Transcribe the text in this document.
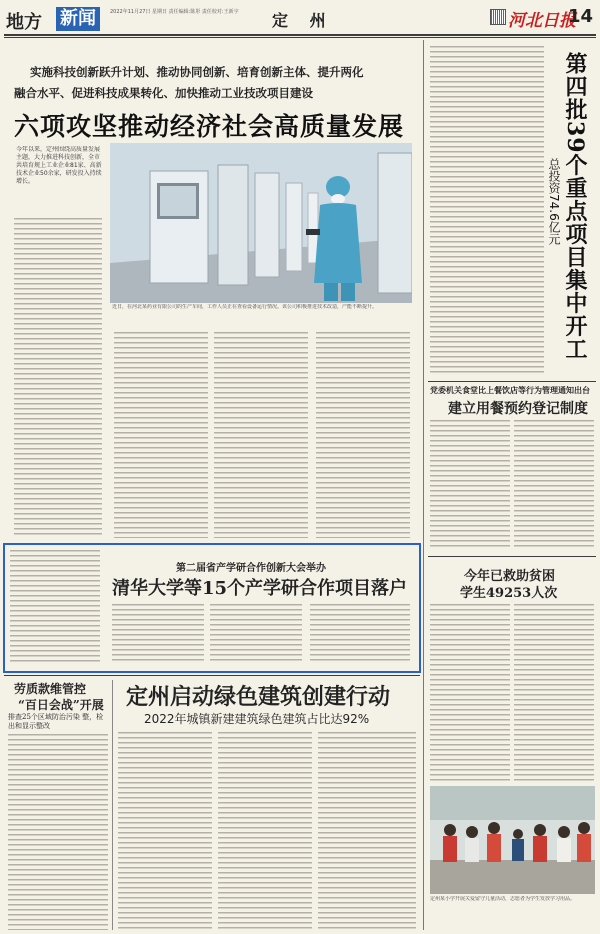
地方 新闻	2022年11月27日 星期日 责任编辑:陈彤 责任校对:王新宇 定 州	河北日报
14
实施科技创新跃升计划、推动协同创新、培育创新主体、提升两化
融合水平、促进科技成果转化、加快推动工业技改项目建设
六项攻坚推动经济社会高质量发展
今年以来，定州围绕高质量发展主题，大力推进科技创新，全市共培育规上工业企业81家、高新技术企业50余家，研发投入持续增长。
近日，在河北某药业有限公司的生产车间，工作人员正在查看设备运行情况。该公司积极推进技术改造，产能不断提升。	第四批39个重点项目集中开工
总投资74.6亿元
党委机关食堂比上餐饮店等行为管理通知出台
建立用餐预约登记制度
第二届省产学研合作创新大会举办
清华大学等15个产学研合作项目落户
今年已救助贫困
学生49253人次
定州某小学开展关爱留守儿童活动，志愿者为学生发放学习用品。
劳质款维管控
“百日会战”开展
排查25个区域防治污染 整，检出和显示整改
定州启动绿色建筑创建行动
2022年城镇新建建筑绿色建筑占比达92%
